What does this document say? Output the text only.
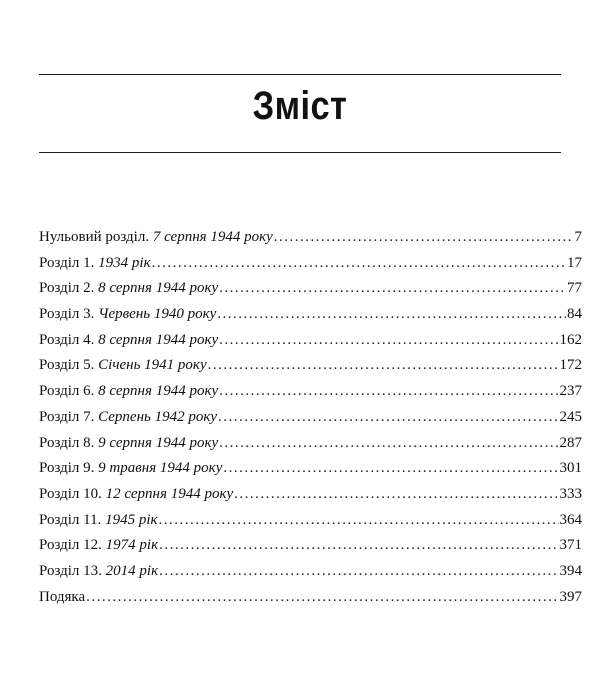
Зміст
Нульовий розділ. 7 серпня 1944 року .....	7
Розділ 1. 1934 рік .....	17
Розділ 2. 8 серпня 1944 року .....	77
Розділ 3. Червень 1940 року .....	84
Розділ 4. 8 серпня 1944 року .....	162
Розділ 5. Січень 1941 року .....	172
Розділ 6. 8 серпня 1944 року .....	237
Розділ 7. Серпень 1942 року .....	245
Розділ 8. 9 серпня 1944 року .....	287
Розділ 9. 9 травня 1944 року .....	301
Розділ 10. 12 серпня 1944 року .....	333
Розділ 11. 1945 рік .....	364
Розділ 12. 1974 рік .....	371
Розділ 13. 2014 рік .....	394
Подяка .....	397
